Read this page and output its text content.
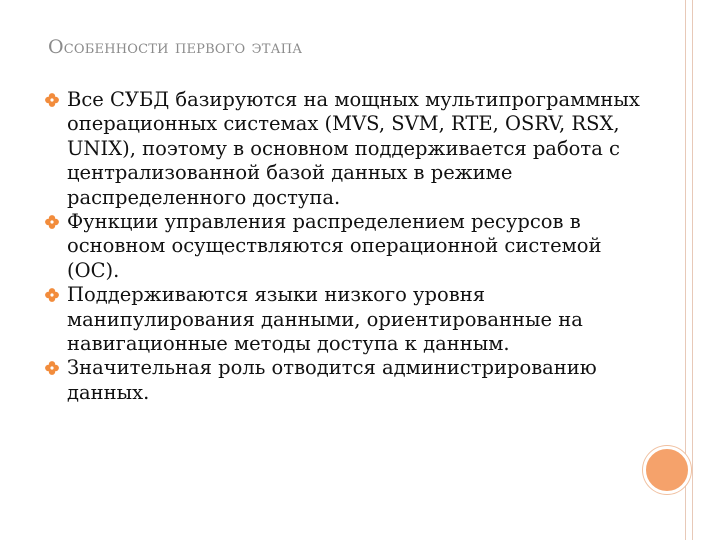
Особенности первого этапа
Все СУБД базируются на мощных мультипрограммных операционных системах (MVS, SVM, RTE, OSRV, RSX, UNIX), поэтому в основном поддерживается работа с централизованной базой данных в режиме распределенного доступа.
Функции управления распределением ресурсов в основном осуществляются операционной системой (ОС).
Поддерживаются языки низкого уровня манипулирования данными, ориентированные на навигационные методы доступа к данным.
Значительная роль отводится администрированию данных.
